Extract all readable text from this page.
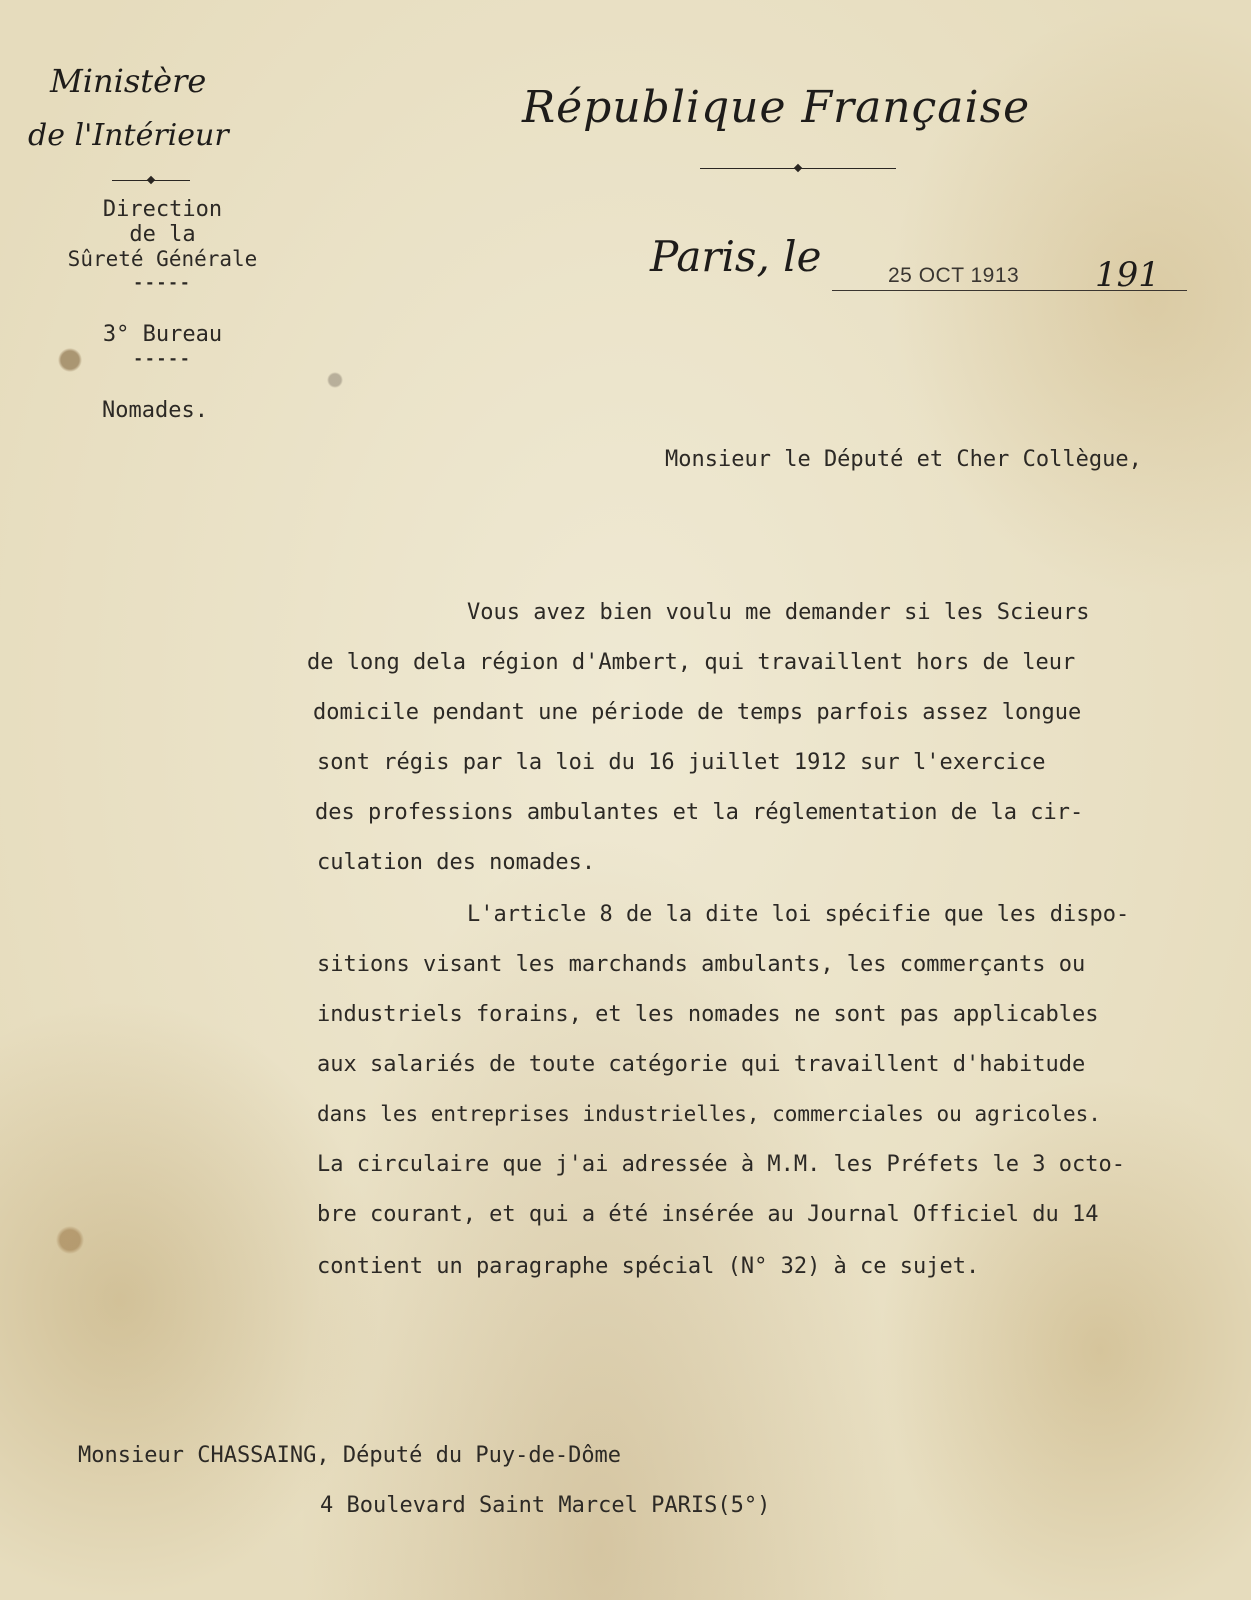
Ministère
de l'Intérieur
Direction
de la
Sûreté Générale
-----
3° Bureau
-----
Nomades.
République Française
Paris, le	25 OCT 1913 191
Monsieur le Député et Cher Collègue,
Vous avez bien voulu me demander si les Scieurs
de long dela région d'Ambert, qui travaillent hors de leur
domicile pendant une période de temps parfois assez longue
sont régis par la loi du 16 juillet 1912 sur l'exercice
des professions ambulantes et la réglementation de la cir-
culation des nomades.
L'article 8 de la dite loi spécifie que les dispo-
sitions visant les marchands ambulants, les commerçants ou
industriels forains, et les nomades ne sont pas applicables
aux salariés de toute catégorie qui travaillent d'habitude
dans les entreprises industrielles, commerciales ou agricoles.
La circulaire que j'ai adressée à M.M. les Préfets le 3 octo-
bre courant, et qui a été insérée au Journal Officiel du 14
contient un paragraphe spécial (N° 32) à ce sujet.
Monsieur CHASSAING, Député du Puy-de-Dôme
4 Boulevard Saint Marcel PARIS(5°)
